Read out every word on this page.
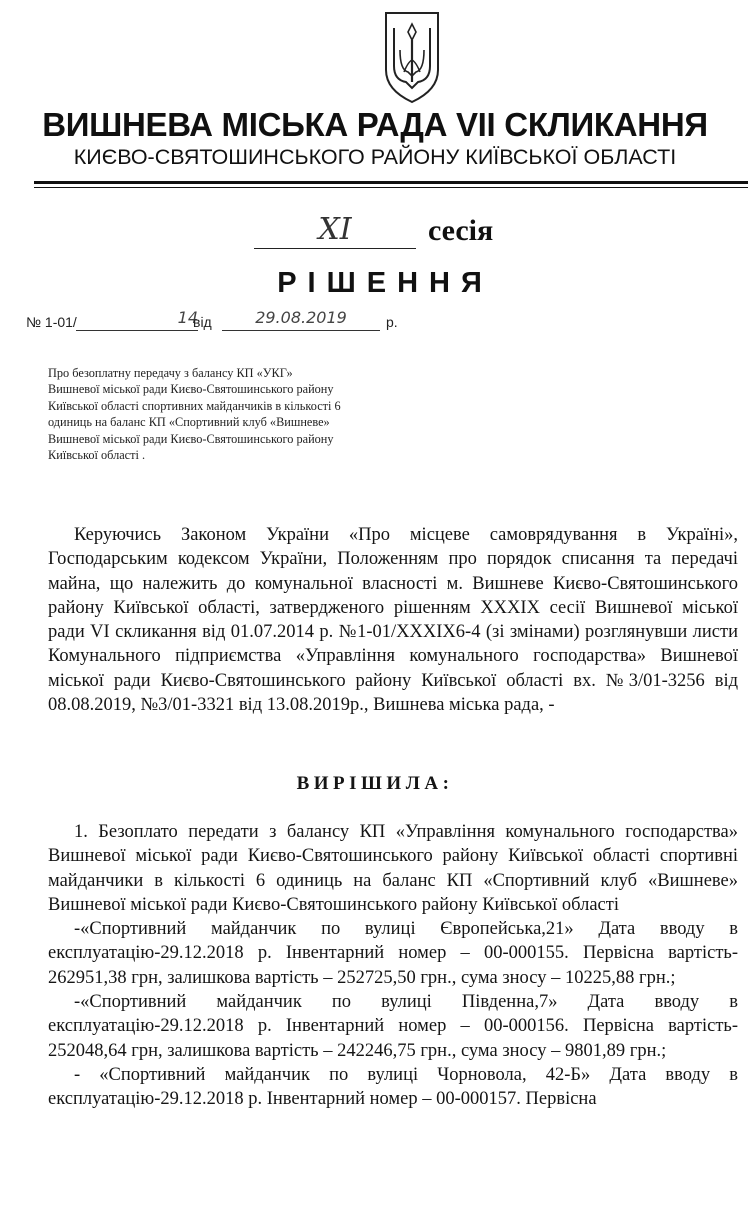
ВИШНЕВА МІСЬКА РАДА VII СКЛИКАННЯ
КИЄВО-СВЯТОШИНСЬКОГО РАЙОНУ КИЇВСЬКОЇ ОБЛАСТІ
XI	сесія
РІШЕННЯ
№ 1-01/	14
від	29.08.2019	р.
Про безоплатну передачу з балансу КП «УКГ»
Вишневої міської ради Києво-Святошинського району
Київської області спортивних майданчиків в кількості 6
одиниць на баланс КП «Спортивний клуб «Вишневе»
Вишневої міської ради Києво-Святошинського району
Київської області .

Керуючись Законом України «Про місцеве самоврядування в Україні», Господарським кодексом України, Положенням про порядок списання та передачі майна, що належить до комунальної власності м. Вишневе Києво-Святошинського району Київської області, затвердженого рішенням XXXIX сесії Вишневої міської ради VI скликання від 01.07.2014 р. №1-01/XXXIX6-4 (зі змінами) розглянувши листи Комунального підприємства «Управління комунального господарства» Вишневої міської ради Києво-Святошинського району Київської області вх. №3/01-3256 від 08.08.2019, №3/01-3321 від 13.08.2019р., Вишнева міська рада, -

ВИРІШИЛА:

1. Безоплато передати з балансу КП «Управління комунального господарства» Вишневої міської ради Києво-Святошинського району Київської області спортивні майданчики в кількості 6 одиниць на баланс КП «Спортивний клуб «Вишневе» Вишневої міської ради Києво-Святошинського району Київської області

-«Спортивний майданчик по вулиці Європейська,21» Дата вводу в експлуатацію-29.12.2018 р. Інвентарний номер – 00-000155. Первісна вартість- 262951,38 грн, залишкова вартість – 252725,50 грн., сума зносу – 10225,88 грн.;

-«Спортивний майданчик по вулиці Південна,7» Дата вводу в експлуатацію-29.12.2018 р. Інвентарний номер – 00-000156. Первісна вартість- 252048,64 грн, залишкова вартість – 242246,75 грн., сума зносу – 9801,89 грн.;

- «Спортивний майданчик по вулиці Чорновола, 42-Б» Дата вводу в експлуатацію-29.12.2018 р. Інвентарний номер – 00-000157. Первісна
